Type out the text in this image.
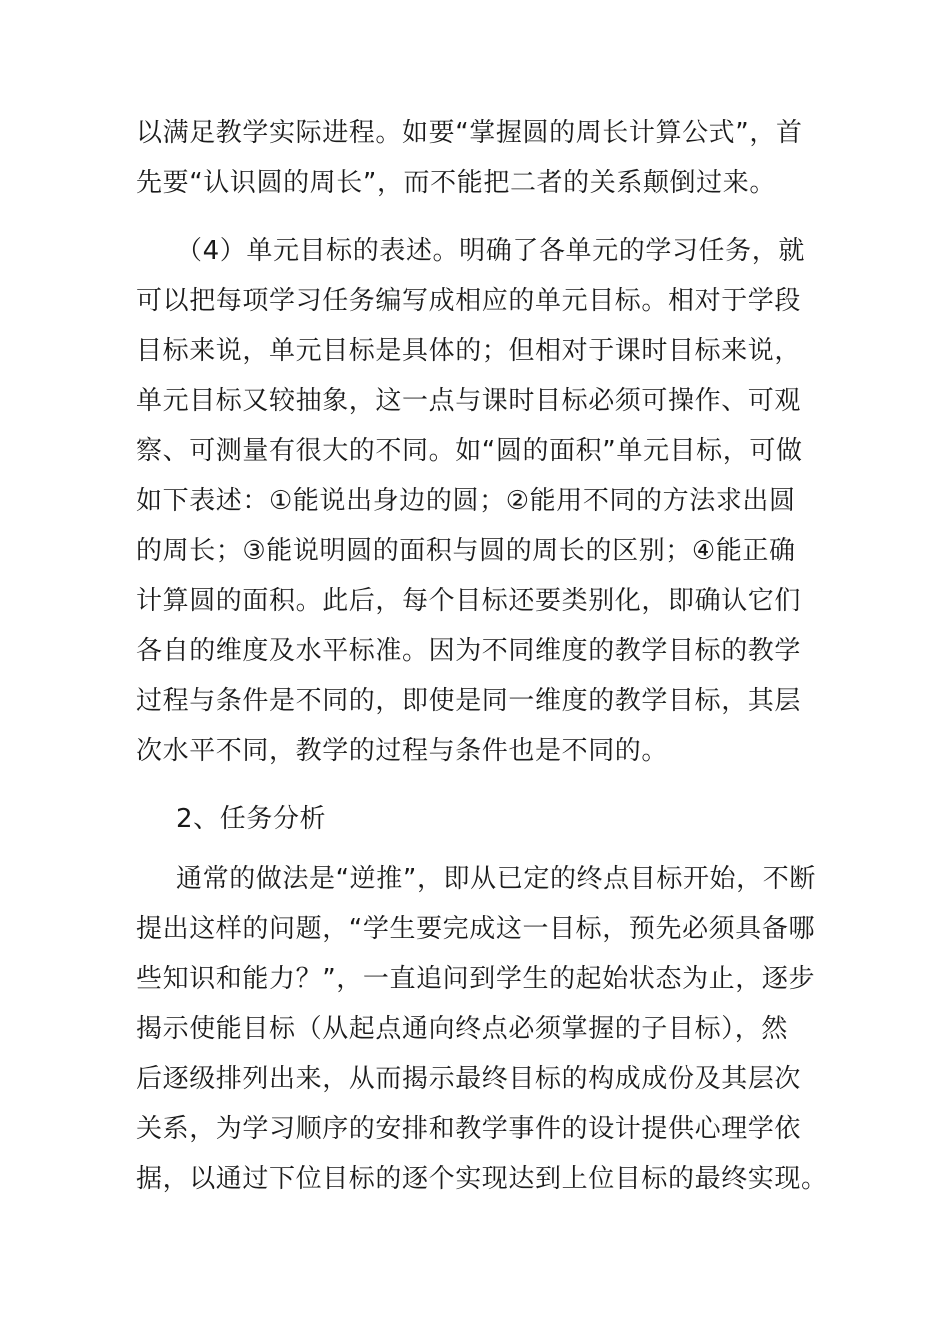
以满足教学实际进程。如要“掌握圆的周长计算公式”，首
先要“认识圆的周长”，而不能把二者的关系颠倒过来。

（4）单元目标的表述。明确了各单元的学习任务，就
可以把每项学习任务编写成相应的单元目标。相对于学段
目标来说，单元目标是具体的；但相对于课时目标来说，
单元目标又较抽象，这一点与课时目标必须可操作、可观
察、可测量有很大的不同。如“圆的面积”单元目标，可做
如下表述：①能说出身边的圆；②能用不同的方法求出圆
的周长；③能说明圆的面积与圆的周长的区别；④能正确
计算圆的面积。此后，每个目标还要类别化，即确认它们
各自的维度及水平标准。因为不同维度的教学目标的教学
过程与条件是不同的，即使是同一维度的教学目标，其层
次水平不同，教学的过程与条件也是不同的。

2、任务分析

通常的做法是“逆推”，即从已定的终点目标开始，不断
提出这样的问题，“学生要完成这一目标，预先必须具备哪
些知识和能力？”，一直追问到学生的起始状态为止，逐步
揭示使能目标（从起点通向终点必须掌握的子目标），然
后逐级排列出来，从而揭示最终目标的构成成份及其层次
关系，为学习顺序的安排和教学事件的设计提供心理学依
据，以通过下位目标的逐个实现达到上位目标的最终实现。
